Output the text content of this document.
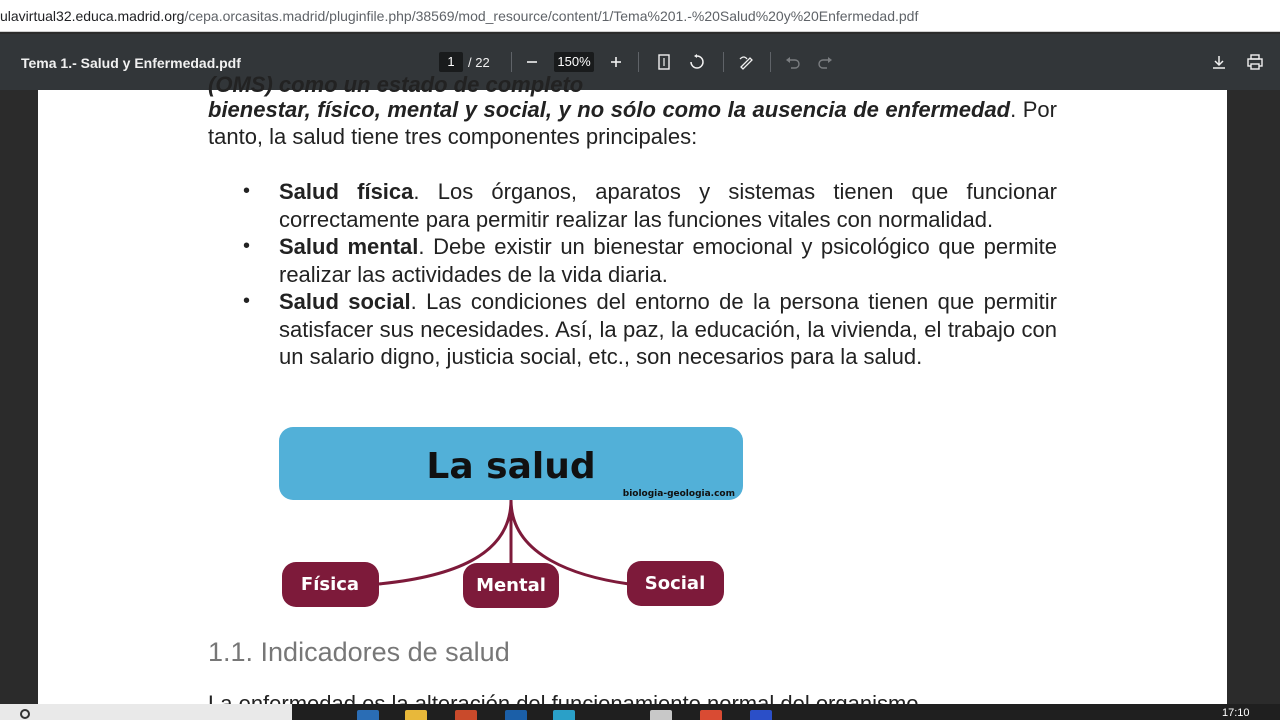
ulavirtual32.educa.madrid.org/cepa.orcasitas.madrid/pluginfile.php/38569/mod_resource/content/1/Tema%201.-%20Salud%20y%20Enfermedad.pdf
Tema 1.- Salud y Enfermedad.pdf	1	/ 22	150%
(OMS) como un estado de completo
bienestar, físico, mental y social, y no sólo como la ausencia de enfermedad. Por tanto, la salud tiene tres componentes principales:
• Salud física. Los órganos, aparatos y sistemas tienen que funcionar correctamente para permitir realizar las funciones vitales con normalidad.
• Salud mental. Debe existir un bienestar emocional y psicológico que permite realizar las actividades de la vida diaria.
• Salud social. Las condiciones del entorno de la persona tienen que permitir satisfacer sus necesidades. Así, la paz, la educación, la vivienda, el trabajo con un salario digno, justicia social, etc., son necesarios para la salud.
La salud
biologia-geologia.com
Física	Mental	Social
1.1. Indicadores de salud
17:10
